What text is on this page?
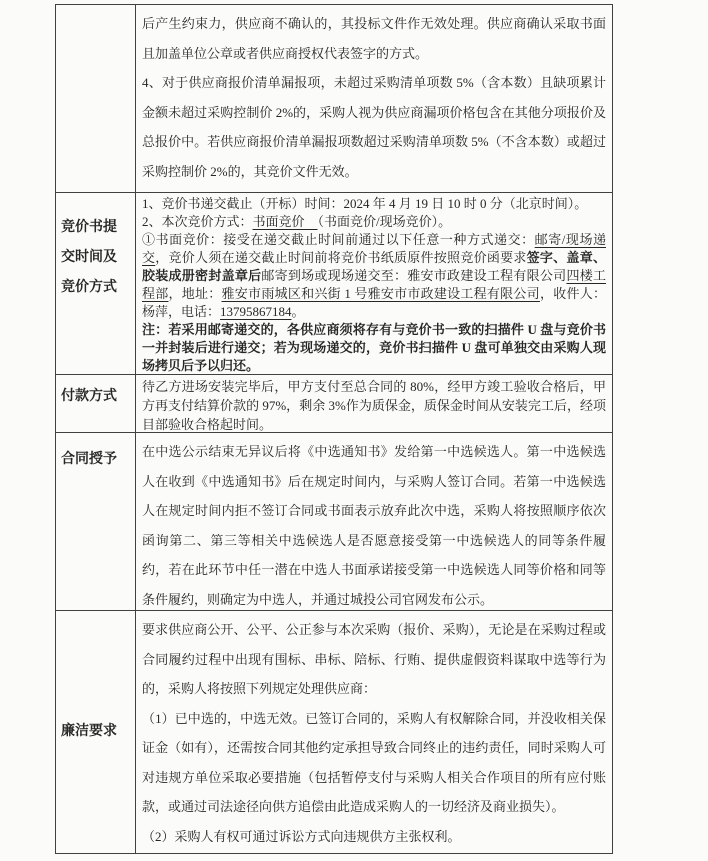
后产生约束力，供应商不确认的，其投标文件作无效处理。供应商确认采取书面且加盖单位公章或者供应商授权代表签字的方式。

4、对于供应商报价清单漏报项，未超过采购清单项数 5%（含本数）且缺项累计金额未超过采购控制价 2%的，采购人视为供应商漏项价格包含在其他分项报价及总报价中。若供应商报价清单漏报项数超过采购清单项数 5%（不含本数）或超过采购控制价 2%的，其竞价文件无效。

竞价书提交时间及竞价方式

1、竞价书递交截止（开标）时间：2024 年 4 月 19 日 10 时 0 分（北京时间）。

2、本次竞价方式：书面竞价　（书面竞价/现场竞价）。

①书面竞价：接受在递交截止时间前通过以下任意一种方式递交：邮寄/现场递交，竞价人须在递交截止时间前将竞价书纸质原件按照竞价函要求签字、盖章、胶装成册密封盖章后邮寄到场或现场递交至：雅安市政建设工程有限公司四楼工程部，地址：雅安市雨城区和兴街 1 号雅安市市政建设工程有限公司，收件人：杨萍，电话：13795867184。

注：若采用邮寄递交的，各供应商须将存有与竞价书一致的扫描件 U 盘与竞价书一并封装后进行递交；若为现场递交的，竞价书扫描件 U 盘可单独交由采购人现场拷贝后予以归还。

付款方式

待乙方进场安装完毕后，甲方支付至总合同的 80%，经甲方竣工验收合格后，甲方再支付结算价款的 97%，剩余 3%作为质保金，质保金时间从安装完工后，经项目部验收合格起时间。

合同授予

在中选公示结束无异议后将《中选通知书》发给第一中选候选人。第一中选候选人在收到《中选通知书》后在规定时间内，与采购人签订合同。若第一中选候选人在规定时间内拒不签订合同或书面表示放弃此次中选，采购人将按照顺序依次函询第二、第三等相关中选候选人是否愿意接受第一中选候选人的同等条件履约，若在此环节中任一潜在中选人书面承诺接受第一中选候选人同等价格和同等条件履约，则确定为中选人，并通过城投公司官网发布公示。

廉洁要求

要求供应商公开、公平、公正参与本次采购（报价、采购），无论是在采购过程或合同履约过程中出现有围标、串标、陪标、行贿、提供虚假资料谋取中选等行为的，采购人将按照下列规定处理供应商：

（1）已中选的，中选无效。已签订合同的，采购人有权解除合同，并没收相关保证金（如有），还需按合同其他约定承担导致合同终止的违约责任，同时采购人可对违规方单位采取必要措施（包括暂停支付与采购人相关合作项目的所有应付账款，或通过司法途径向供方追偿由此造成采购人的一切经济及商业损失）。

（2）采购人有权可通过诉讼方式向违规供方主张权利。
